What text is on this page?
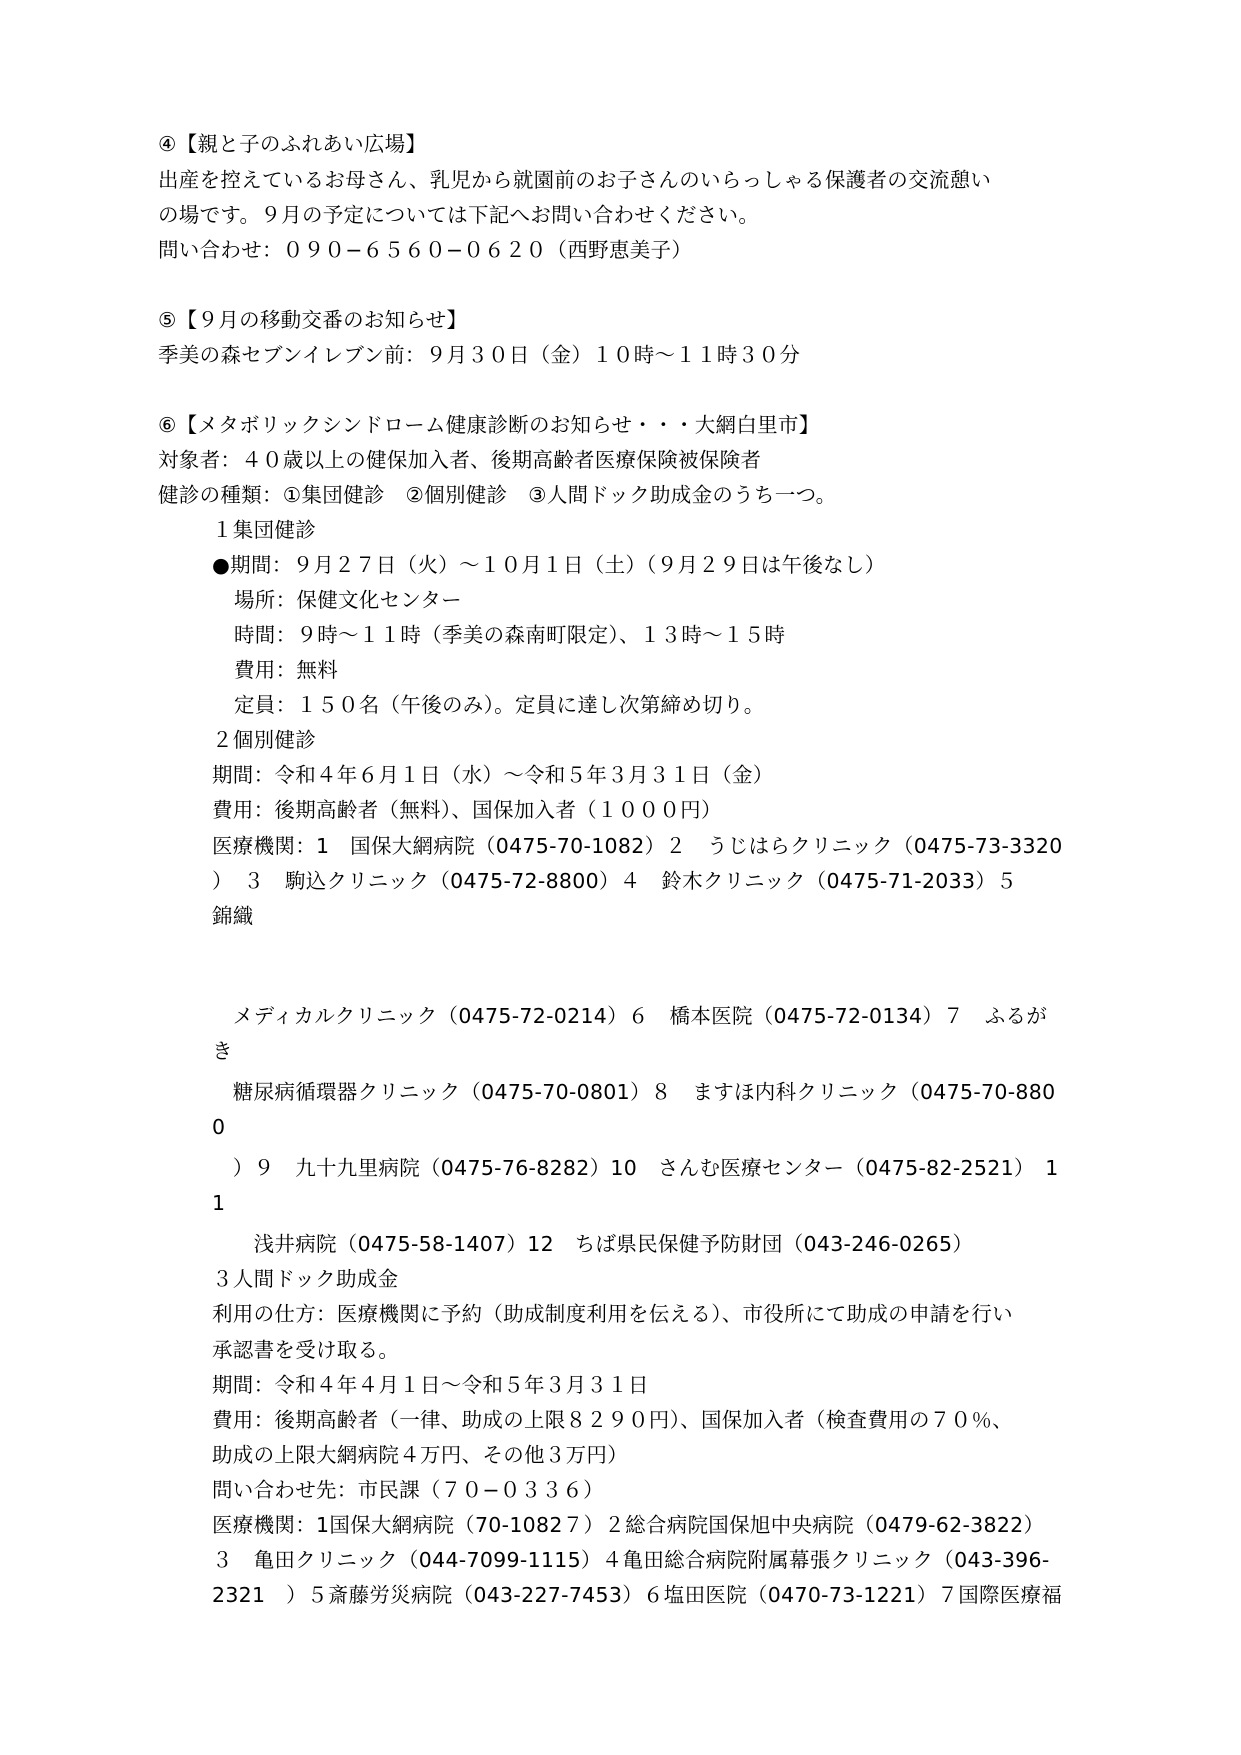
④【親と子のふれあい広場】
出産を控えているお母さん、乳児から就園前のお子さんのいらっしゃる保護者の交流憩い
の場です。９月の予定については下記へお問い合わせください。
問い合わせ：０９０−６５６０−０６２０（西野恵美子）
⑤【９月の移動交番のお知らせ】
季美の森セブンイレブン前：９月３０日（金）１０時〜１１時３０分
⑥【メタボリックシンドローム健康診断のお知らせ・・・大網白里市】
対象者：４０歳以上の健保加入者、後期高齢者医療保険被保険者
健診の種類：①集団健診　②個別健診　③人間ドック助成金のうち一つ。
１集団健診
●期間：９月２７日（火）〜１０月１日（土）（９月２９日は午後なし）
場所：保健文化センター
時間：９時〜１１時（季美の森南町限定）、１３時〜１５時
費用：無料
定員：１５０名（午後のみ）。定員に達し次第締め切り。
２個別健診
期間：令和４年６月１日（水）〜令和５年３月３１日（金）
費用：後期高齢者（無料）、国保加入者（１０００円）
医療機関：1　国保大網病院（0475-70-1082）２　うじはらクリニック（0475-73-3320
）　３　駒込クリニック（0475-72-8800）４　鈴木クリニック（0475-71-2033）５
錦織
　メディカルクリニック（0475-72-0214）６　橋本医院（0475-72-0134）７　ふるが
き
　糖尿病循環器クリニック（0475-70-0801）８　ますほ内科クリニック（0475-70-880
0
　）９　九十九里病院（0475-76-8282）10　さんむ医療センター（0475-82-2521）　1
1
　　浅井病院（0475-58-1407）12　ちば県民保健予防財団（043-246-0265）
３人間ドック助成金
利用の仕方：医療機関に予約（助成制度利用を伝える）、市役所にて助成の申請を行い
承認書を受け取る。
期間：令和４年４月１日〜令和５年３月３１日
費用：後期高齢者（一律、助成の上限８２９０円）、国保加入者（検査費用の７０％、
助成の上限大網病院４万円、その他３万円）
問い合わせ先：市民課（７０−０３３６）
医療機関：1国保大網病院（70-1082７）２総合病院国保旭中央病院（0479-62-3822）
３　亀田クリニック（044-7099-1115）４亀田総合病院附属幕張クリニック（043-396-
2321　）５斎藤労災病院（043-227-7453）６塩田医院（0470-73-1221）７国際医療福
